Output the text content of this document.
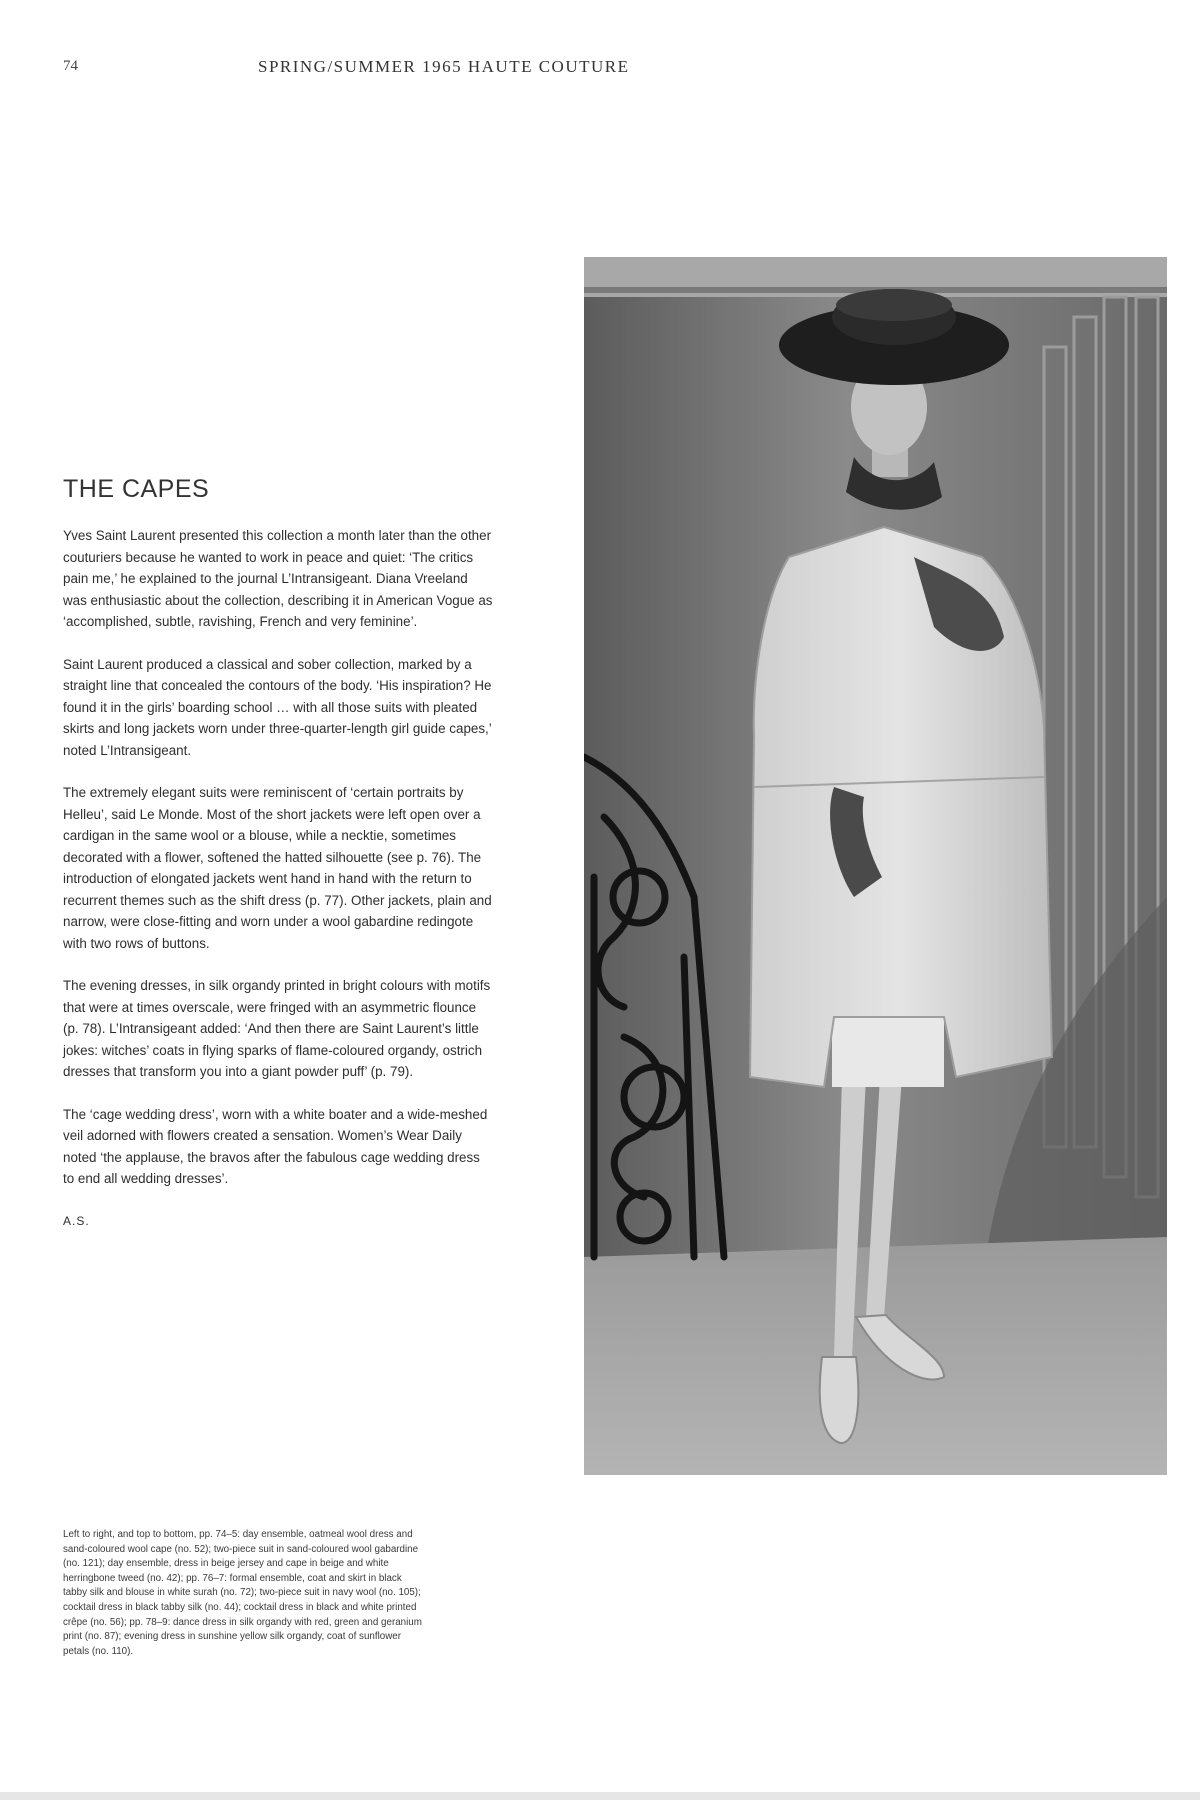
74	SPRING/SUMMER 1965 HAUTE COUTURE
THE CAPES

Yves Saint Laurent presented this collection a month later than the other couturiers because he wanted to work in peace and quiet: ‘The critics pain me,’ he explained to the journal L’Intransigeant. Diana Vreeland was enthusiastic about the collection, describing it in American Vogue as ‘accomplished, subtle, ravishing, French and very feminine’.

Saint Laurent produced a classical and sober collection, marked by a straight line that concealed the contours of the body. ‘His inspiration? He found it in the girls’ boarding school … with all those suits with pleated skirts and long jackets worn under three-quarter-length girl guide capes,’ noted L’Intransigeant.

The extremely elegant suits were reminiscent of ‘certain portraits by Helleu’, said Le Monde. Most of the short jackets were left open over a cardigan in the same wool or a blouse, while a necktie, sometimes decorated with a flower, softened the hatted silhouette (see p. 76). The introduction of elongated jackets went hand in hand with the return to recurrent themes such as the shift dress (p. 77). Other jackets, plain and narrow, were close-fitting and worn under a wool gabardine redingote with two rows of buttons.

The evening dresses, in silk organdy printed in bright colours with motifs that were at times overscale, were fringed with an asymmetric flounce (p. 78). L’Intransigeant added: ‘And then there are Saint Laurent’s little jokes: witches’ coats in flying sparks of flame-coloured organdy, ostrich dresses that transform you into a giant powder puff’ (p. 79).

The ‘cage wedding dress’, worn with a white boater and a wide-meshed veil adorned with flowers created a sensation. Women’s Wear Daily noted ‘the applause, the bravos after the fabulous cage wedding dress to end all wedding dresses’.

A.S.
Left to right, and top to bottom, pp. 74–5: day ensemble, oatmeal wool dress and sand-coloured wool cape (no. 52); two-piece suit in sand-coloured wool gabardine (no. 121); day ensemble, dress in beige jersey and cape in beige and white herringbone tweed (no. 42); pp. 76–7: formal ensemble, coat and skirt in black tabby silk and blouse in white surah (no. 72); two-piece suit in navy wool (no. 105); cocktail dress in black tabby silk (no. 44); cocktail dress in black and white printed crêpe (no. 56); pp. 78–9: dance dress in silk organdy with red, green and geranium print (no. 87); evening dress in sunshine yellow silk organdy, coat of sunflower petals (no. 110).
